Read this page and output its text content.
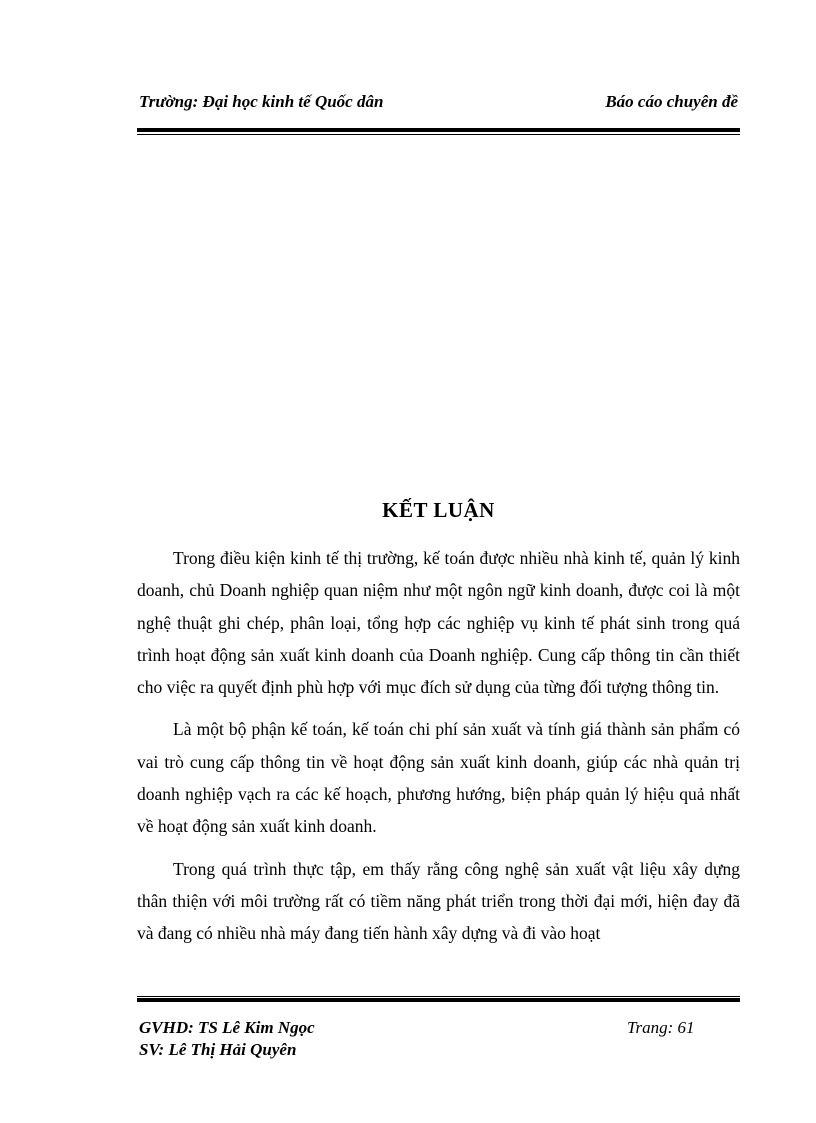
Trường: Đại học kinh tế Quốc dân	Báo cáo chuyên đề
KẾT LUẬN

Trong điều kiện kinh tế thị trường, kế toán được nhiều nhà kinh tế, quản lý kinh doanh, chủ Doanh nghiệp quan niệm như một ngôn ngữ kinh doanh, được coi là một nghệ thuật ghi chép, phân loại, tổng hợp các nghiệp vụ kinh tế phát sinh trong quá trình hoạt động sản xuất kinh doanh của Doanh nghiệp. Cung cấp thông tin cần thiết cho việc ra quyết định phù hợp với mục đích sử dụng của từng đối tượng thông tin.

Là một bộ phận kế toán, kế toán chi phí sản xuất và tính giá thành sản phẩm có vai trò cung cấp thông tin về hoạt động sản xuất kinh doanh, giúp các nhà quản trị doanh nghiệp vạch ra các kế hoạch, phương hướng, biện pháp quản lý hiệu quả nhất về hoạt động sản xuất kinh doanh.

Trong quá trình thực tập, em thấy rằng công nghệ sản xuất vật liệu xây dựng thân thiện với môi trường rất có tiềm năng phát triển trong thời đại mới, hiện đay đã và đang có nhiều nhà máy đang tiến hành xây dựng và đi vào hoạt

GVHD: TS Lê Kim Ngọc
SV: Lê Thị Hải Quyên
Trang: 61
